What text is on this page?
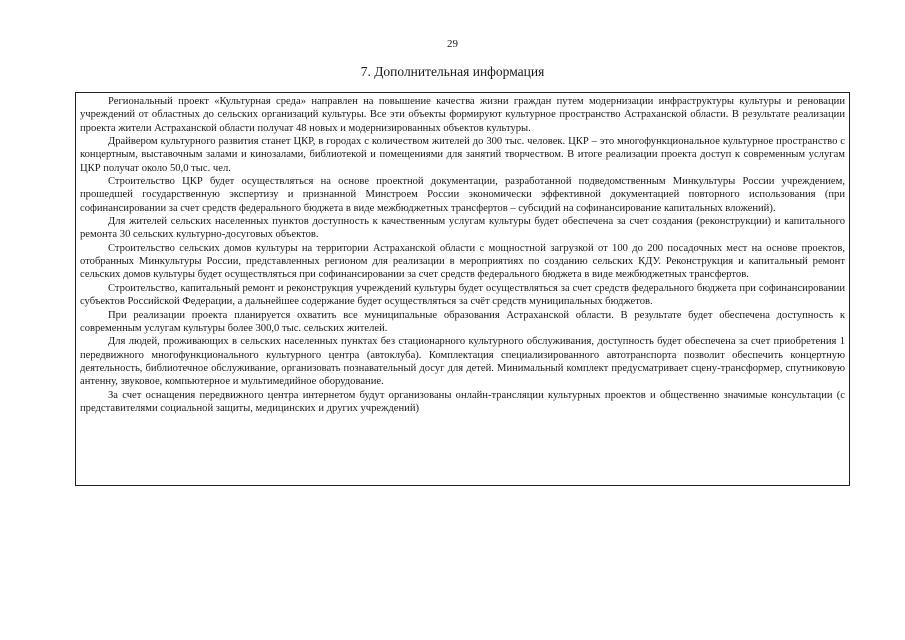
29
7. Дополнительная информация

Региональный проект «Культурная среда» направлен на повышение качества жизни граждан путем модернизации инфраструктуры культуры и реновации учреждений от областных до сельских организаций культуры. Все эти объекты формируют культурное пространство Астраханской области. В результате реализации проекта жители Астраханской области получат 48 новых и модернизированных объектов культуры.

Драйвером культурного развития станет ЦКР, в городах с количеством жителей до 300 тыс. человек. ЦКР – это многофункциональное культурное пространство с концертным, выставочным залами и кинозалами, библиотекой и помещениями для занятий творчеством. В итоге реализации проекта доступ к современным услугам ЦКР получат около 50,0 тыс. чел.

Строительство ЦКР будет осуществляться на основе проектной документации, разработанной подведомственным Минкультуры России учреждением, прошедшей государственную экспертизу и признанной Минстроем России экономически эффективной документацией повторного использования (при софинансировании за счет средств федерального бюджета в виде межбюджетных трансфертов – субсидий на софинансирование капитальных вложений).

Для жителей сельских населенных пунктов доступность к качественным услугам культуры будет обеспечена за счет создания (реконструкции) и капитального ремонта 30 сельских культурно-досуговых объектов.

Строительство сельских домов культуры на территории Астраханской области с мощностной загрузкой от 100 до 200 посадочных мест на основе проектов, отобранных Минкультуры России, представленных регионом для реализации в мероприятиях по созданию сельских КДУ. Реконструкция и капитальный ремонт сельских домов культуры будет осуществляться при софинансировании за счет средств федерального бюджета в виде межбюджетных трансфертов.

Строительство, капитальный ремонт и реконструкция учреждений культуры будет осуществляться за счет средств федерального бюджета при софинансировании субъектов Российской Федерации, а дальнейшее содержание будет осуществляться за счёт средств муниципальных бюджетов.

При реализации проекта планируется охватить все муниципальные образования Астраханской области. В результате будет обеспечена доступность к современным услугам культуры более 300,0 тыс. сельских жителей.

Для людей, проживающих в сельских населенных пунктах без стационарного культурного обслуживания, доступность будет обеспечена за счет приобретения 1 передвижного многофункционального культурного центра (автоклуба). Комплектация специализированного автотранспорта позволит обеспечить концертную деятельность, библиотечное обслуживание, организовать познавательный досуг для детей. Минимальный комплект предусматривает сцену-трансформер, спутниковую антенну, звуковое, компьютерное и мультимедийное оборудование.

За счет оснащения передвижного центра интернетом будут организованы онлайн-трансляции культурных проектов и общественно значимые консультации (с представителями социальной защиты, медицинских и других учреждений)
